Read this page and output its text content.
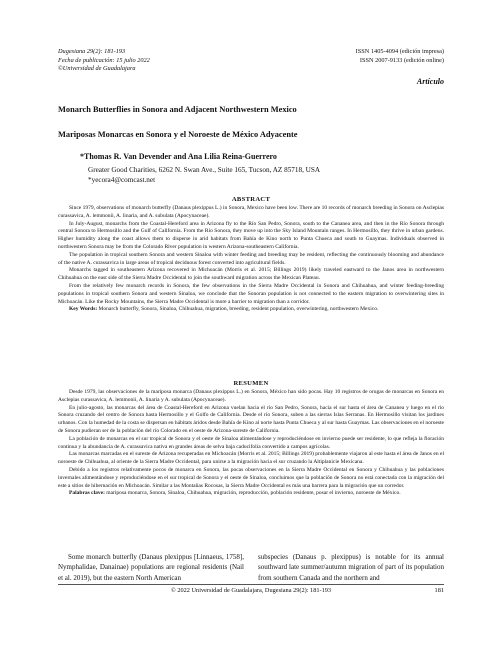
Dugesiana 29(2): 181-193
Fecha de publicación: 15 julio 2022
©Universidad de Guadalajara
ISSN 1405-4094 (edición impresa)
ISSN 2007-9133 (edición online)
Artículo
Monarch Butterflies in Sonora and Adjacent Northwestern Mexico
Mariposas Monarcas en Sonora y el Noroeste de México Adyacente
*Thomas R. Van Devender and Ana Lilia Reina-Guerrero
Greater Good Charities, 6262 N. Swan Ave., Suite 165, Tucson, AZ 85718, USA
*yecora4@comcast.net
ABSTRACT

Since 1979, observations of monarch butterfly (Danaus plexippus L.) in Sonora, Mexico have been low. There are 10 records of monarch breeding in Sonora on Asclepias curassavica, A. lemmonii, A. linaria, and A. subulata (Apocynaceae).

In July-August, monarchs from the Coastal-Hereford area in Arizona fly to the Río San Pedro, Sonora, south to the Cananea area, and then in the Río Sonora through central Sonora to Hermosillo and the Gulf of California. From the Río Sonora, they move up into the Sky Island Mountain ranges. In Hermosillo, they thrive in urban gardens. Higher humidity along the coast allows them to disperse in arid habitats from Bahía de Kino north to Punta Chueca and south to Guaymas. Individuals observed in northwestern Sonora may be from the Colorado River population in western Arizona-southeastern California.

The population in tropical southern Sonora and western Sinaloa with winter feeding and breeding may be resident, reflecting the continuously blooming and abundance of the native A. curassavica in large areas of tropical deciduous forest converted into agricultural fields.

Monarchs tagged in southeastern Arizona recovered in Michoacán (Morris et al. 2015; Billings 2019) likely traveled eastward to the Janos area in northwestern Chihuahua on the east side of the Sierra Madre Occidental to join the southward migration across the Mexican Plateau.

From the relatively few monarch records in Sonora, the few observations in the Sierra Madre Occidental in Sonora and Chihuahua, and winter feeding-breeding populations in tropical southern Sonora and western Sinaloa, we conclude that the Sonoran population is not connected to the eastern migration to overwintering sites in Michoacán. Like the Rocky Mountains, the Sierra Madre Occidental is more a barrier to migration than a corridor.

Key Words: Monarch butterfly, Sonora, Sinaloa, Chihuahua, migration, breeding, resident population, overwintering, northwestern Mexico.

RESUMEN

Desde 1979, las observaciones de la mariposa monarca (Danaus plexippus L.) en Sonora, México han sido pocas. Hay 10 registros de orugas de monarcas en Sonora en Asclepias curassavica, A. lemmonii, A. linaria y A. subulata (Apocynaceae).

En julio-agosto, las monarcas del área de Coastal-Hereford en Arizona vuelan hacia el río San Pedro, Sonora, hacia el sur hasta el área de Cananea y luego en el río Sonora cruzando del centro de Sonora hasta Hermosillo y el Golfo de California. Desde el río Sonora, suben a las sierras Islas Serranas. En Hermosillo visitan los jardines urbanos. Con la humedad de la costa se dispersan en hábitats áridos desde Bahía de Kino al norte hasta Punta Chueca y al sur hasta Guaymas. Las observaciones en el noroeste de Sonora pudieran ser de la población del río Colorado en el oeste de Arizona-sureste de California.

La población de monarcas en el sur tropical de Sonora y el oeste de Sinaloa alimentándose y reproduciéndose en invierno puede ser residente, lo que refleja la floración continua y la abundancia de A. curassavica nativa en grandes áreas de selva baja caducifolia convertido a campos agrícolas.

Las monarcas marcadas en el sureste de Arizona recuperadas en Michoacán (Morris et al. 2015; Billings 2019) probablemente viajaron al este hasta el área de Janos en el noroeste de Chihuahua, al oriente de la Sierra Madre Occidental, para unirse a la migración hacia el sur cruzando la Altiplanicie Mexicana.

Debido a los registros relativamente pocos de monarca en Sonora, las pocas observaciones en la Sierra Madre Occidental en Sonora y Chihuahua y las poblaciones invernales alimentándose y reproduciéndose en el sur tropical de Sonora y el oeste de Sinaloa, concluimos que la población de Sonora no está conectada con la migración del este a sitios de hibernación en Michoacán. Similar a las Montañas Rocosas, la Sierra Madre Occidental es más una barrera para la migración que un corredor.

Palabras clave: mariposa monarca, Sonora, Sinaloa, Chihuahua, migración, reproducción, población residente, posar el invierno, noroeste de México.

Some monarch butterfly (Danaus plexippus [Linnaeus, 1758], Nymphalidae, Danainae) populations are regional residents (Nail et al. 2019), but the eastern North American
subspecies (Danaus p. plexippus) is notable for its annual southward late summer/autumn migration of part of its population from southern Canada and the northern and
© 2022 Universidad de Guadalajara, Dugesiana 29(2): 181-193	181
